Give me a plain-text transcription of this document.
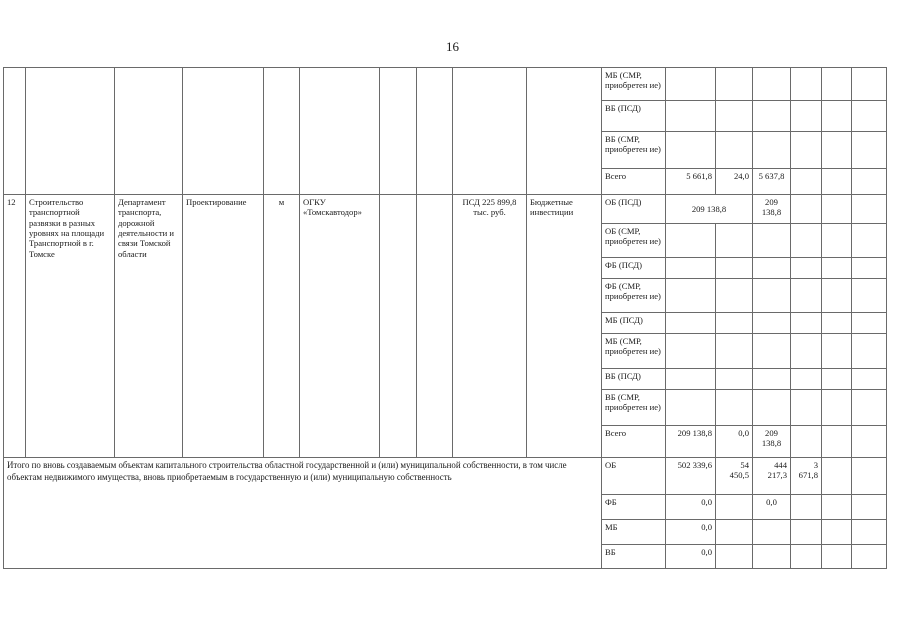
16
										МБ (СМР, приобретен ие)						
										ВБ (ПСД)						
										ВБ (СМР, приобретен ие)						
										Всего	5 661,8	24,0	5 637,8			
12	Строительство транспортной развязки в разных уровнях на площади Транспортной в г. Томске	Департамент транспорта, дорожной деятельности и связи Томской области	Проектирование	м	ОГКУ «Томскавтодор»			ПСД 225 899,8 тыс. руб.	Бюджетные инвестиции	ОБ (ПСД)	209 138,8		209 138,8			
										ОБ (СМР, приобретен ие)						
										ФБ (ПСД)						
										ФБ (СМР, приобретен ие)						
										МБ (ПСД)						
										МБ (СМР, приобретен ие)						
										ВБ (ПСД)						
										ВБ (СМР, приобретен ие)						
										Всего	209 138,8	0,0	209 138,8			
Итого по вновь создаваемым объектам капитального строительства областной государственной и (или) муниципальной собственности, в том числе объектам недвижимого имущества, вновь приобретаемым в государственную и (или) муниципальную собственность										ОБ	502 339,6	54 450,5	444 217,3	3 671,8		
										ФБ	0,0		0,0			
										МБ	0,0					
										ВБ	0,0					
